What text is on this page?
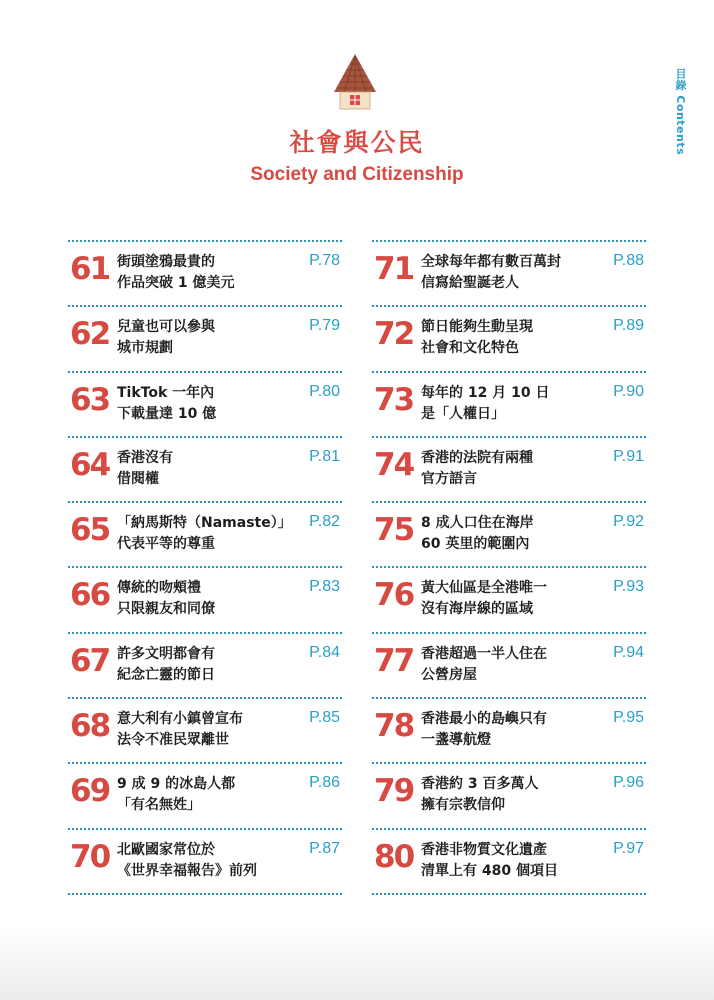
目錄 Contents
社會與公民
Society and Citizenship
61 街頭塗鴉最貴的
作品突破 1 億美元
P.78
62 兒童也可以參與
城市規劃
P.79
63 TikTok 一年內
下載量達 10 億
P.80
64 香港沒有
借閱權
P.81
65 「納馬斯特（Namaste）」
代表平等的尊重
P.82
66 傳統的吻頰禮
只限親友和同僚
P.83
67 許多文明都會有
紀念亡靈的節日
P.84
68 意大利有小鎮曾宣布
法令不准民眾離世
P.85
69 9 成 9 的冰島人都
「有名無姓」
P.86
70 北歐國家常位於
《世界幸福報告》前列
P.87
71 全球每年都有數百萬封
信寫給聖誕老人
P.88
72 節日能夠生動呈現
社會和文化特色
P.89
73 每年的 12 月 10 日
是「人權日」
P.90
74 香港的法院有兩種
官方語言
P.91
75 8 成人口住在海岸
60 英里的範圍內
P.92
76 黃大仙區是全港唯一
沒有海岸線的區域
P.93
77 香港超過一半人住在
公營房屋
P.94
78 香港最小的島嶼只有
一盞導航燈
P.95
79 香港約 3 百多萬人
擁有宗教信仰
P.96
80 香港非物質文化遺產
清單上有 480 個項目
P.97
